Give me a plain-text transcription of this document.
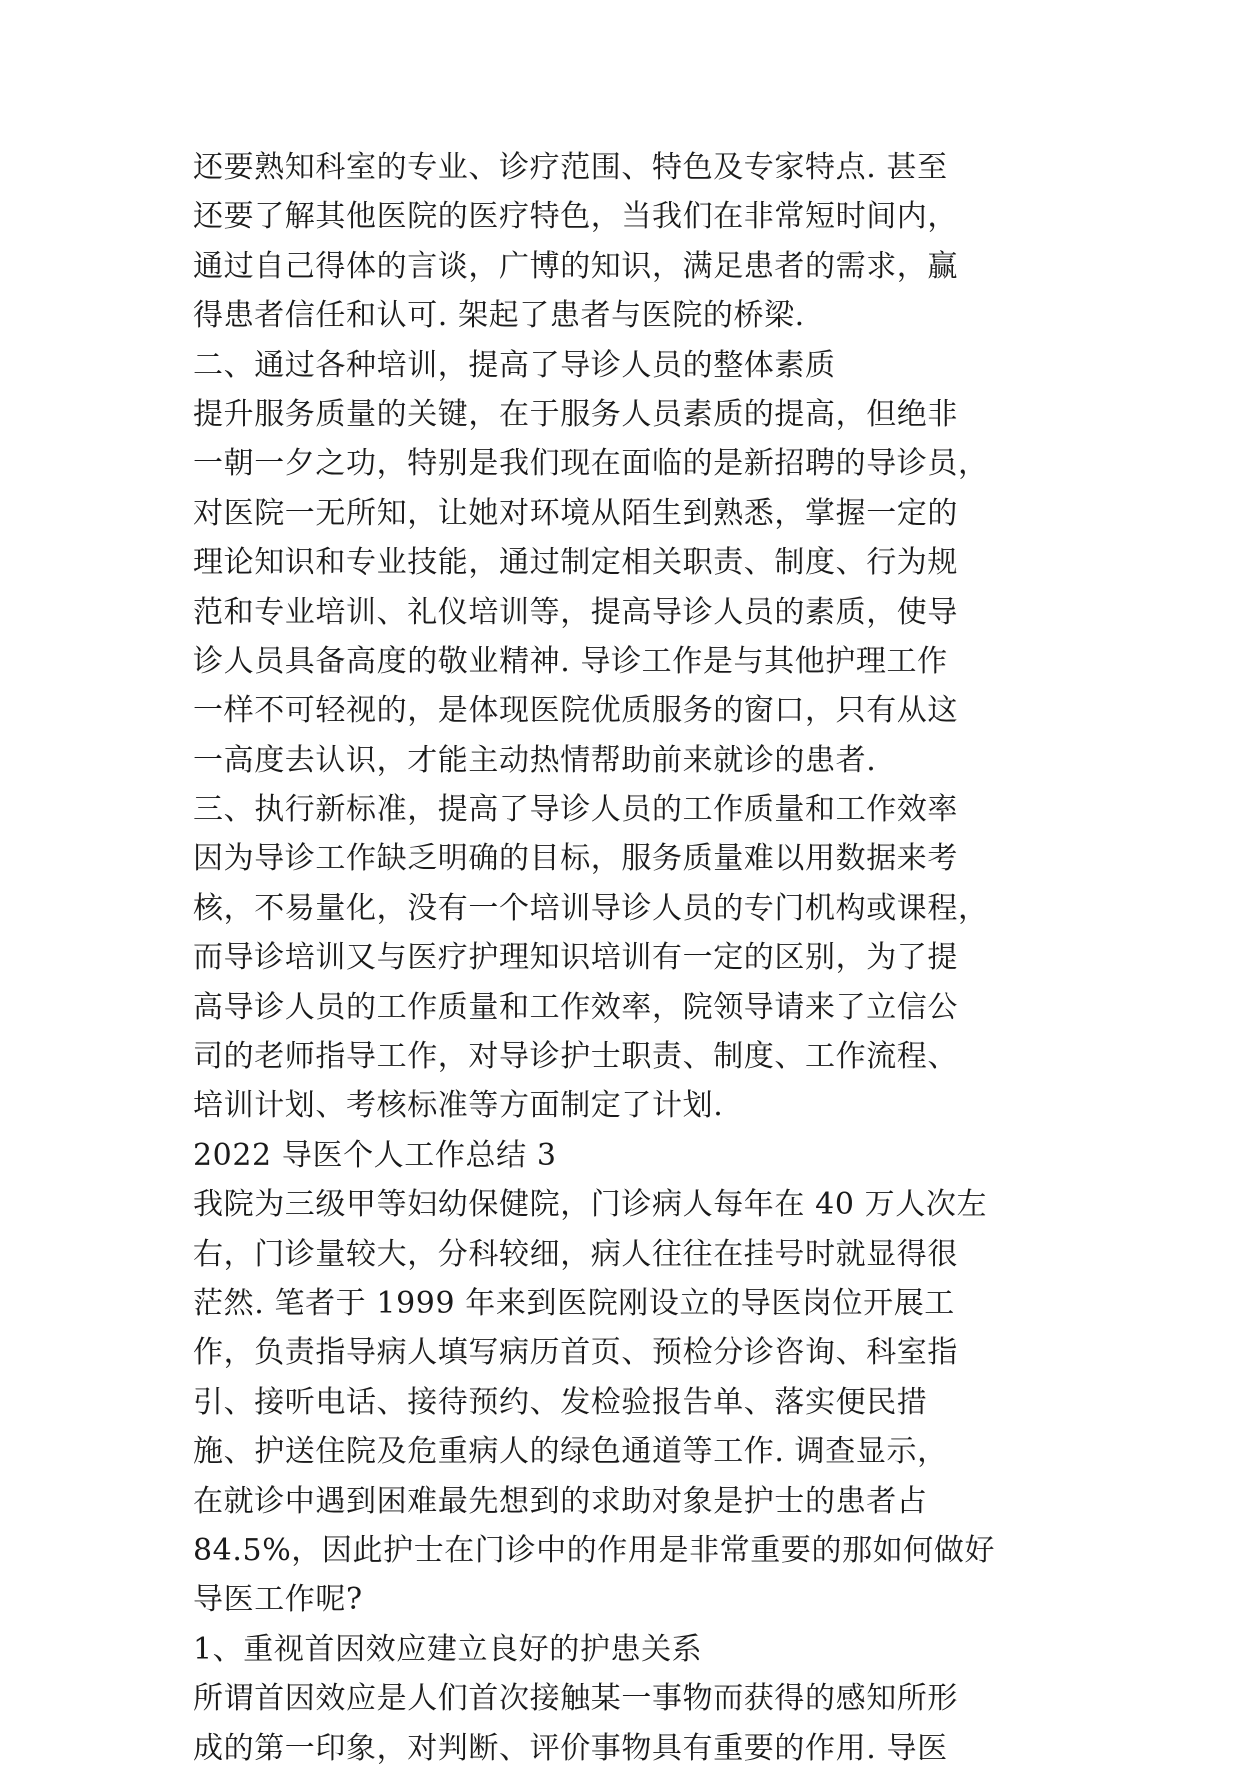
还要熟知科室的专业、诊疗范围、特色及专家特点. 甚至
还要了解其他医院的医疗特色，当我们在非常短时间内，
通过自己得体的言谈，广博的知识，满足患者的需求，赢
得患者信任和认可. 架起了患者与医院的桥梁.
二、通过各种培训，提高了导诊人员的整体素质
提升服务质量的关键，在于服务人员素质的提高，但绝非
一朝一夕之功，特别是我们现在面临的是新招聘的导诊员，
对医院一无所知，让她对环境从陌生到熟悉，掌握一定的
理论知识和专业技能，通过制定相关职责、制度、行为规
范和专业培训、礼仪培训等，提高导诊人员的素质，使导
诊人员具备高度的敬业精神. 导诊工作是与其他护理工作
一样不可轻视的，是体现医院优质服务的窗口，只有从这
一高度去认识，才能主动热情帮助前来就诊的患者.
三、执行新标准，提高了导诊人员的工作质量和工作效率
因为导诊工作缺乏明确的目标，服务质量难以用数据来考
核，不易量化，没有一个培训导诊人员的专门机构或课程，
而导诊培训又与医疗护理知识培训有一定的区别，为了提
高导诊人员的工作质量和工作效率，院领导请来了立信公
司的老师指导工作，对导诊护士职责、制度、工作流程、
培训计划、考核标准等方面制定了计划.
2022 导医个人工作总结 3
我院为三级甲等妇幼保健院，门诊病人每年在 40 万人次左
右，门诊量较大，分科较细，病人往往在挂号时就显得很
茫然. 笔者于 1999 年来到医院刚设立的导医岗位开展工
作，负责指导病人填写病历首页、预检分诊咨询、科室指
引、接听电话、接待预约、发检验报告单、落实便民措
施、护送住院及危重病人的绿色通道等工作. 调查显示，
在就诊中遇到困难最先想到的求助对象是护士的患者占
84.5%，因此护士在门诊中的作用是非常重要的那如何做好
导医工作呢?
1、重视首因效应建立良好的护患关系
所谓首因效应是人们首次接触某一事物而获得的感知所形
成的第一印象，对判断、评价事物具有重要的作用. 导医
